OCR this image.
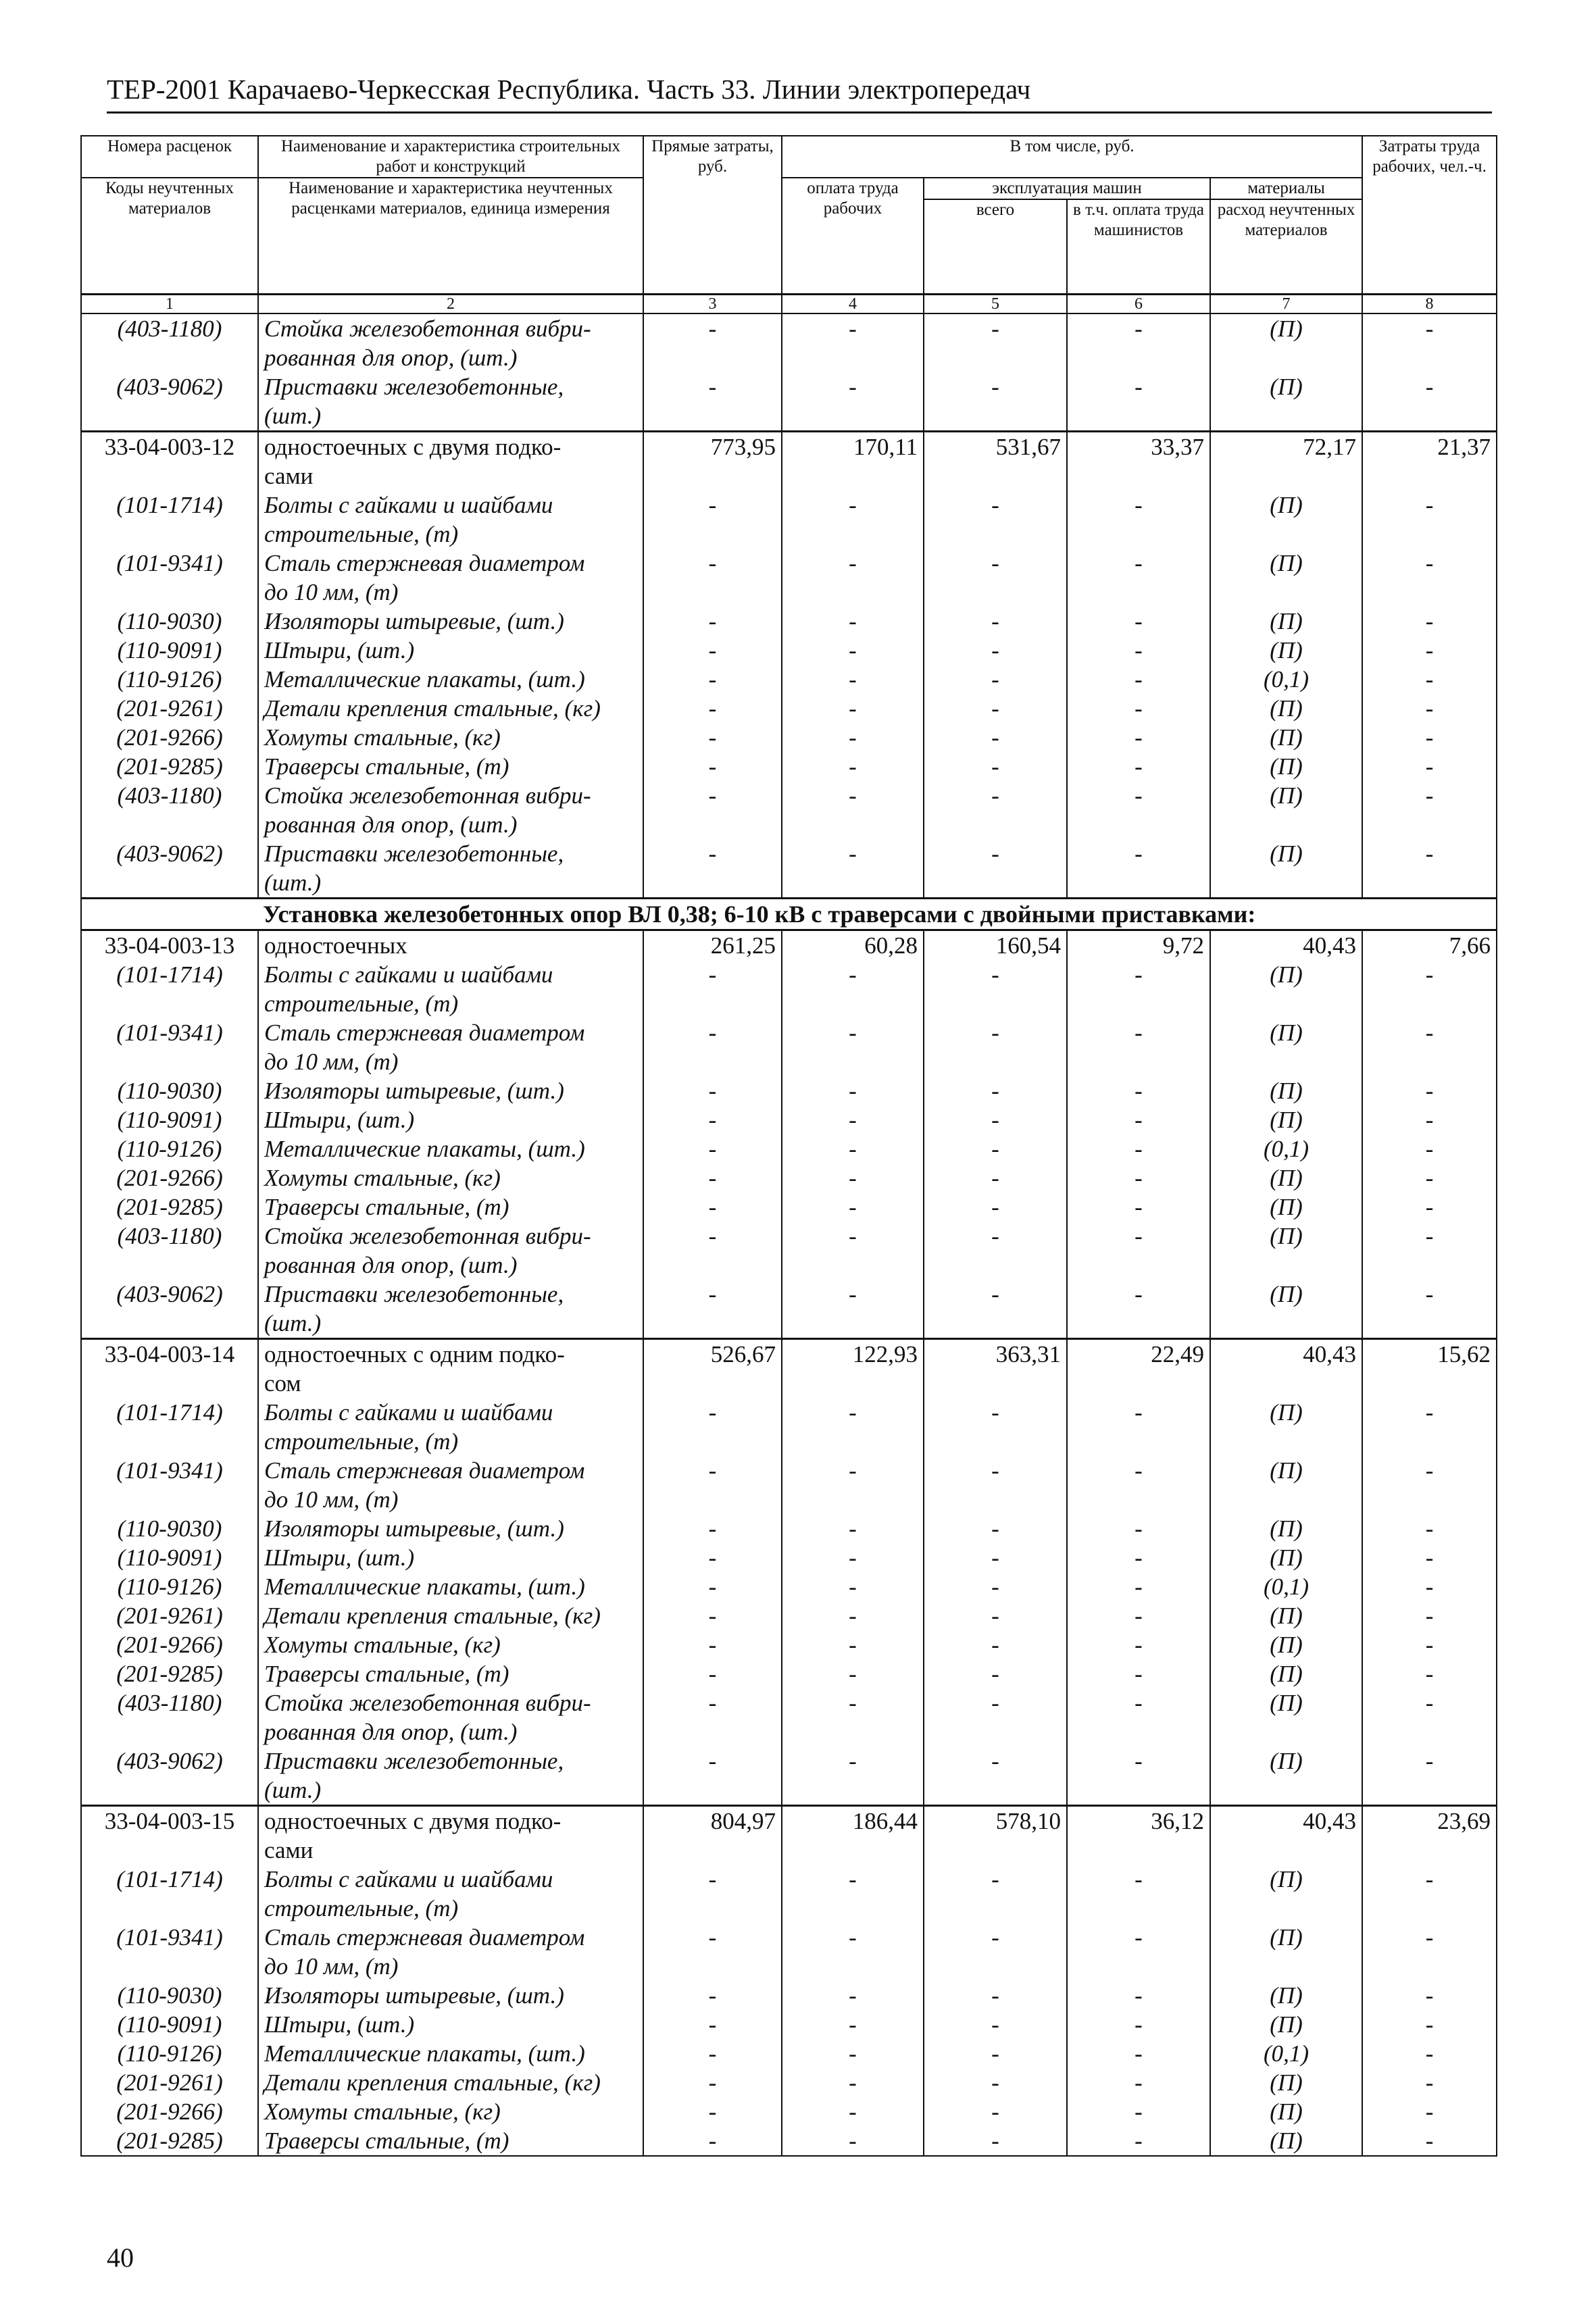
ТЕР-2001 Карачаево-Черкесская Республика. Часть 33. Линии электропередач
Номера расценок	Наименование и характеристика строительных работ и конструкций	Прямые затраты, руб.	В том числе, руб.				Затраты труда рабочих, чел.-ч.
Коды неучтенных материалов	Наименование и характеристика неучтенных расценками материалов, единица измерения		оплата труда рабочих	эксплуатация машин		материалы	
				всего	в т.ч. оплата труда машинистов	расход неучтенных материалов	
1	2	3	4	5	6	7	8
(403-1180)	Стойка железобетонная вибри-	-	-	-	-	(П)	-
	рованная для опор, (шт.)						
(403-9062)	Приставки железобетонные,	-	-	-	-	(П)	-
	(шт.)						
33-04-003-12	одностоечных с двумя подко-	773,95	170,11	531,67	33,37	72,17	21,37
	сами						
(101-1714)	Болты с гайками и шайбами	-	-	-	-	(П)	-
	строительные, (т)						
(101-9341)	Сталь стержневая диаметром	-	-	-	-	(П)	-
	до 10 мм, (т)						
(110-9030)	Изоляторы штыревые, (шт.)	-	-	-	-	(П)	-
(110-9091)	Штыри, (шт.)	-	-	-	-	(П)	-
(110-9126)	Металлические плакаты, (шт.)	-	-	-	-	(0,1)	-
(201-9261)	Детали крепления стальные, (кг)	-	-	-	-	(П)	-
(201-9266)	Хомуты стальные, (кг)	-	-	-	-	(П)	-
(201-9285)	Траверсы стальные, (т)	-	-	-	-	(П)	-
(403-1180)	Стойка железобетонная вибри-	-	-	-	-	(П)	-
	рованная для опор, (шт.)						
(403-9062)	Приставки железобетонные,	-	-	-	-	(П)	-
	(шт.)						
Установка железобетонных опор ВЛ 0,38; 6-10 кВ с траверсами с двойными приставками:							
33-04-003-13	одностоечных	261,25	60,28	160,54	9,72	40,43	7,66
(101-1714)	Болты с гайками и шайбами	-	-	-	-	(П)	-
	строительные, (т)						
(101-9341)	Сталь стержневая диаметром	-	-	-	-	(П)	-
	до 10 мм, (т)						
(110-9030)	Изоляторы штыревые, (шт.)	-	-	-	-	(П)	-
(110-9091)	Штыри, (шт.)	-	-	-	-	(П)	-
(110-9126)	Металлические плакаты, (шт.)	-	-	-	-	(0,1)	-
(201-9266)	Хомуты стальные, (кг)	-	-	-	-	(П)	-
(201-9285)	Траверсы стальные, (т)	-	-	-	-	(П)	-
(403-1180)	Стойка железобетонная вибри-	-	-	-	-	(П)	-
	рованная для опор, (шт.)						
(403-9062)	Приставки железобетонные,	-	-	-	-	(П)	-
	(шт.)						
33-04-003-14	одностоечных с одним подко-	526,67	122,93	363,31	22,49	40,43	15,62
	сом						
(101-1714)	Болты с гайками и шайбами	-	-	-	-	(П)	-
	строительные, (т)						
(101-9341)	Сталь стержневая диаметром	-	-	-	-	(П)	-
	до 10 мм, (т)						
(110-9030)	Изоляторы штыревые, (шт.)	-	-	-	-	(П)	-
(110-9091)	Штыри, (шт.)	-	-	-	-	(П)	-
(110-9126)	Металлические плакаты, (шт.)	-	-	-	-	(0,1)	-
(201-9261)	Детали крепления стальные, (кг)	-	-	-	-	(П)	-
(201-9266)	Хомуты стальные, (кг)	-	-	-	-	(П)	-
(201-9285)	Траверсы стальные, (т)	-	-	-	-	(П)	-
(403-1180)	Стойка железобетонная вибри-	-	-	-	-	(П)	-
	рованная для опор, (шт.)						
(403-9062)	Приставки железобетонные,	-	-	-	-	(П)	-
	(шт.)						
33-04-003-15	одностоечных с двумя подко-	804,97	186,44	578,10	36,12	40,43	23,69
	сами						
(101-1714)	Болты с гайками и шайбами	-	-	-	-	(П)	-
	строительные, (т)						
(101-9341)	Сталь стержневая диаметром	-	-	-	-	(П)	-
	до 10 мм, (т)						
(110-9030)	Изоляторы штыревые, (шт.)	-	-	-	-	(П)	-
(110-9091)	Штыри, (шт.)	-	-	-	-	(П)	-
(110-9126)	Металлические плакаты, (шт.)	-	-	-	-	(0,1)	-
(201-9261)	Детали крепления стальные, (кг)	-	-	-	-	(П)	-
(201-9266)	Хомуты стальные, (кг)	-	-	-	-	(П)	-
(201-9285)	Траверсы стальные, (т)	-	-	-	-	(П)	-
40
